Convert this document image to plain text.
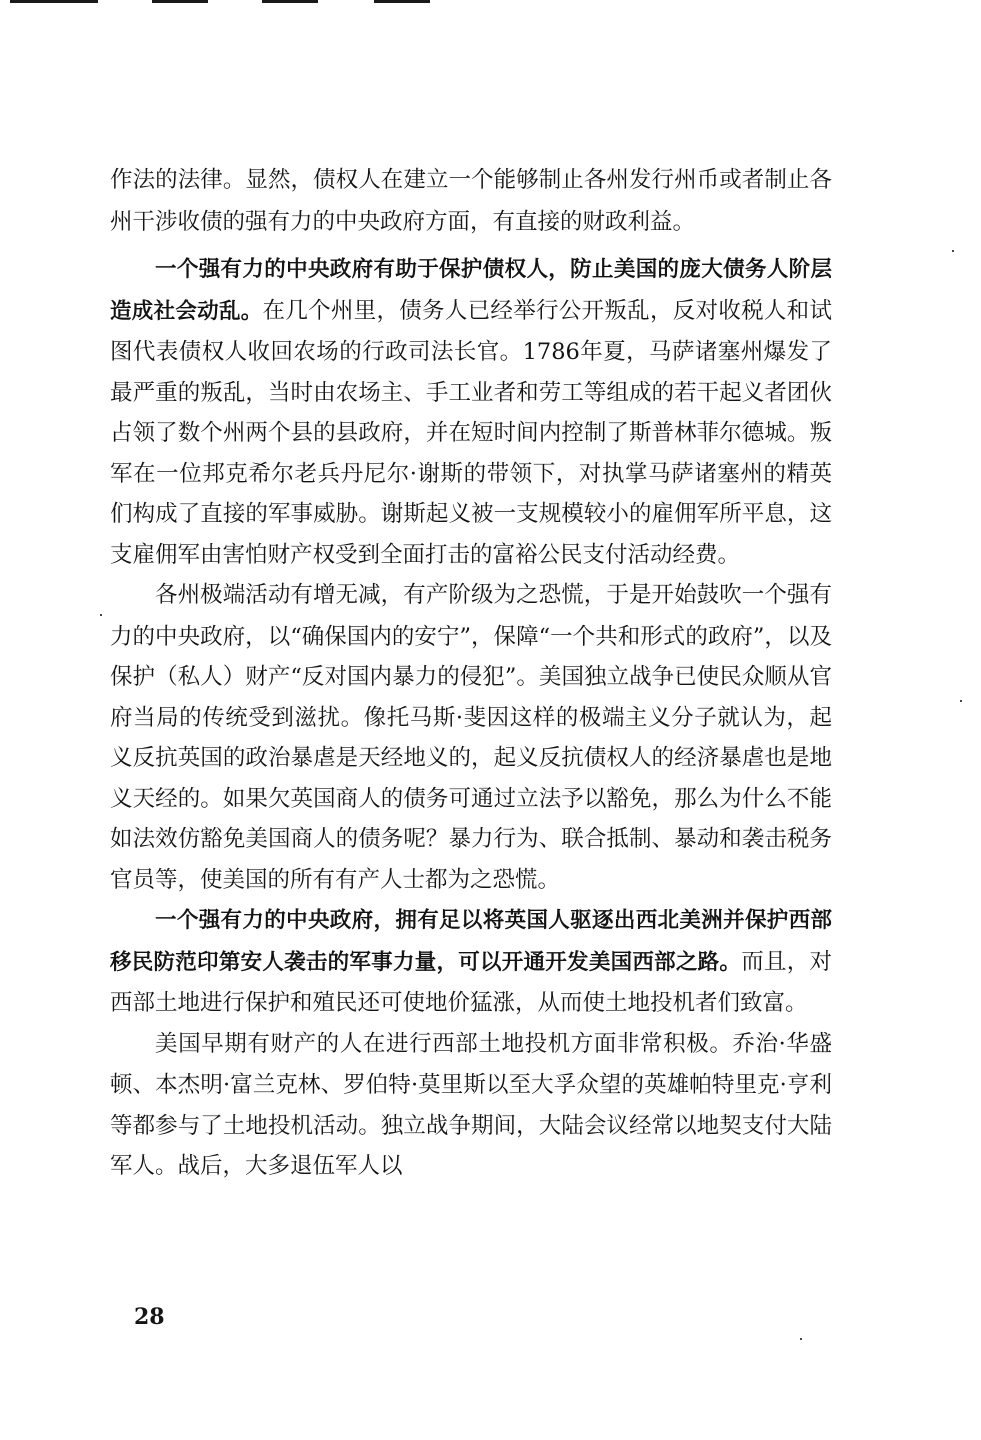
作法的法律。显然，债权人在建立一个能够制止各州发行州币或者制止各州干涉收债的强有力的中央政府方面，有直接的财政利益。

一个强有力的中央政府有助于保护债权人，防止美国的庞大债务人阶层造成社会动乱。在几个州里，债务人已经举行公开叛乱，反对收税人和试图代表债权人收回农场的行政司法长官。1786年夏，马萨诸塞州爆发了最严重的叛乱，当时由农场主、手工业者和劳工等组成的若干起义者团伙占领了数个州两个县的县政府，并在短时间内控制了斯普林菲尔德城。叛军在一位邦克希尔老兵丹尼尔·谢斯的带领下，对执掌马萨诸塞州的精英们构成了直接的军事威胁。谢斯起义被一支规模较小的雇佣军所平息，这支雇佣军由害怕财产权受到全面打击的富裕公民支付活动经费。

各州极端活动有增无减，有产阶级为之恐慌，于是开始鼓吹一个强有力的中央政府，以“确保国内的安宁”，保障“一个共和形式的政府”，以及保护（私人）财产“反对国内暴力的侵犯”。美国独立战争已使民众顺从官府当局的传统受到滋扰。像托马斯·斐因这样的极端主义分子就认为，起义反抗英国的政治暴虐是天经地义的，起义反抗债权人的经济暴虐也是地义天经的。如果欠英国商人的债务可通过立法予以豁免，那么为什么不能如法效仿豁免美国商人的债务呢？暴力行为、联合抵制、暴动和袭击税务官员等，使美国的所有有产人士都为之恐慌。

一个强有力的中央政府，拥有足以将英国人驱逐出西北美洲并保护西部移民防范印第安人袭击的军事力量，可以开通开发美国西部之路。而且，对西部土地进行保护和殖民还可使地价猛涨，从而使土地投机者们致富。

美国早期有财产的人在进行西部土地投机方面非常积极。乔治·华盛顿、本杰明·富兰克林、罗伯特·莫里斯以至大孚众望的英雄帕特里克·亨利等都参与了土地投机活动。独立战争期间，大陆会议经常以地契支付大陆军人。战后，大多退伍军人以

28
